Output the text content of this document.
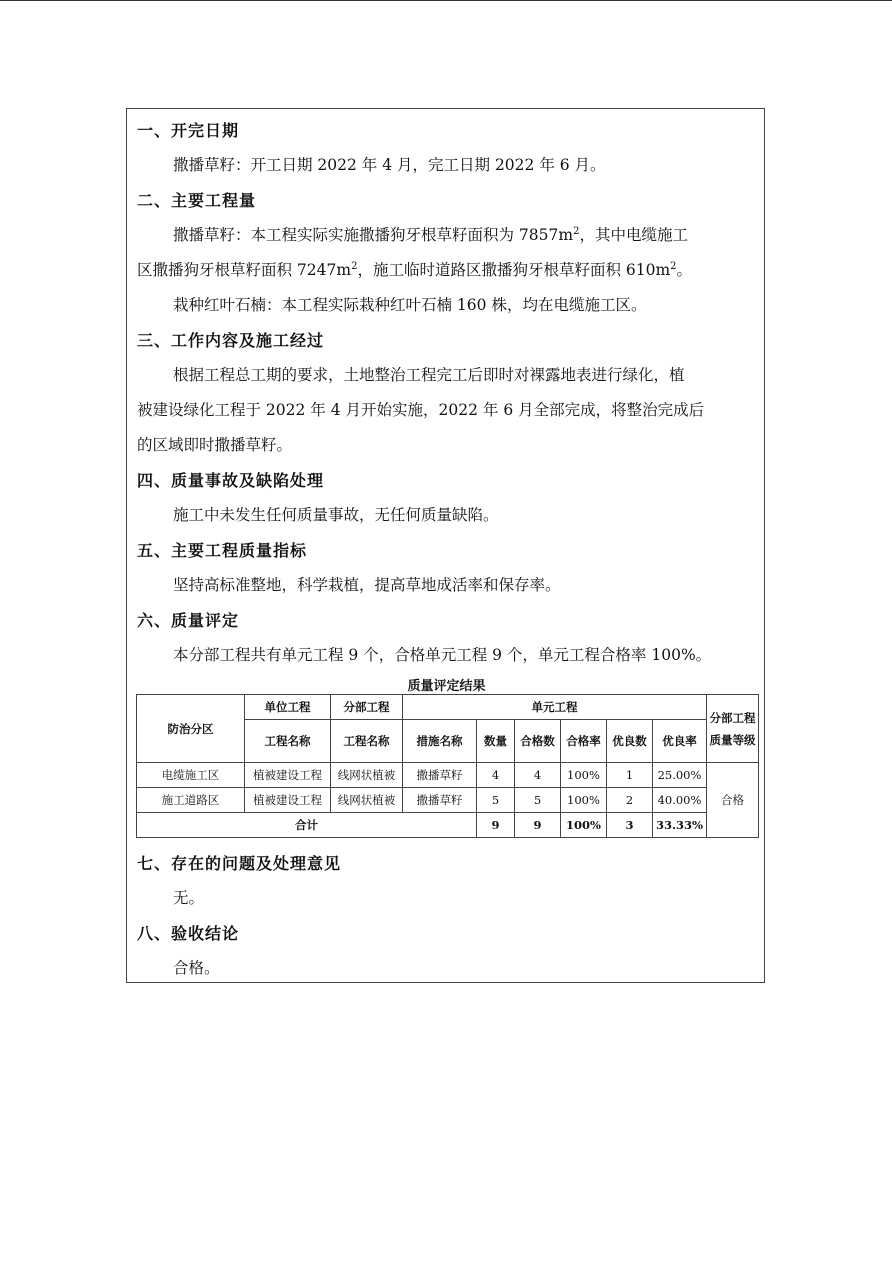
一、开完日期
撒播草籽：开工日期 2022 年 4 月，完工日期 2022 年 6 月。
二、主要工程量
撒播草籽：本工程实际实施撒播狗牙根草籽面积为 $7857m^2$，其中电缆施工
区撒播狗牙根草籽面积 $7247m^2$，施工临时道路区撒播狗牙根草籽面积 $610m^2$。
栽种红叶石楠：本工程实际栽种红叶石楠 160 株，均在电缆施工区。
三、工作内容及施工经过
根据工程总工期的要求，土地整治工程完工后即时对裸露地表进行绿化，植
被建设绿化工程于 2022 年 4 月开始实施，2022 年 6 月全部完成，将整治完成后
的区域即时撒播草籽。
四、质量事故及缺陷处理
施工中未发生任何质量事故，无任何质量缺陷。
五、主要工程质量指标
坚持高标准整地，科学栽植，提高草地成活率和保存率。
六、质量评定
本分部工程共有单元工程 9 个，合格单元工程 9 个，单元工程合格率 100%。
质量评定结果
防治分区	单位工程	分部工程	单元工程						分部工程质量等级
	工程名称	工程名称	措施名称	数量	合格数	合格率	优良数	优良率	
电缆施工区	植被建设工程	线网状植被	撒播草籽	4	4	100%	1	25.00%	合格
施工道路区	植被建设工程	线网状植被	撒播草籽	5	5	100%	2	40.00%	
合计				9	9	100%	3	33.33%	
七、存在的问题及处理意见
无。
八、验收结论
合格。
